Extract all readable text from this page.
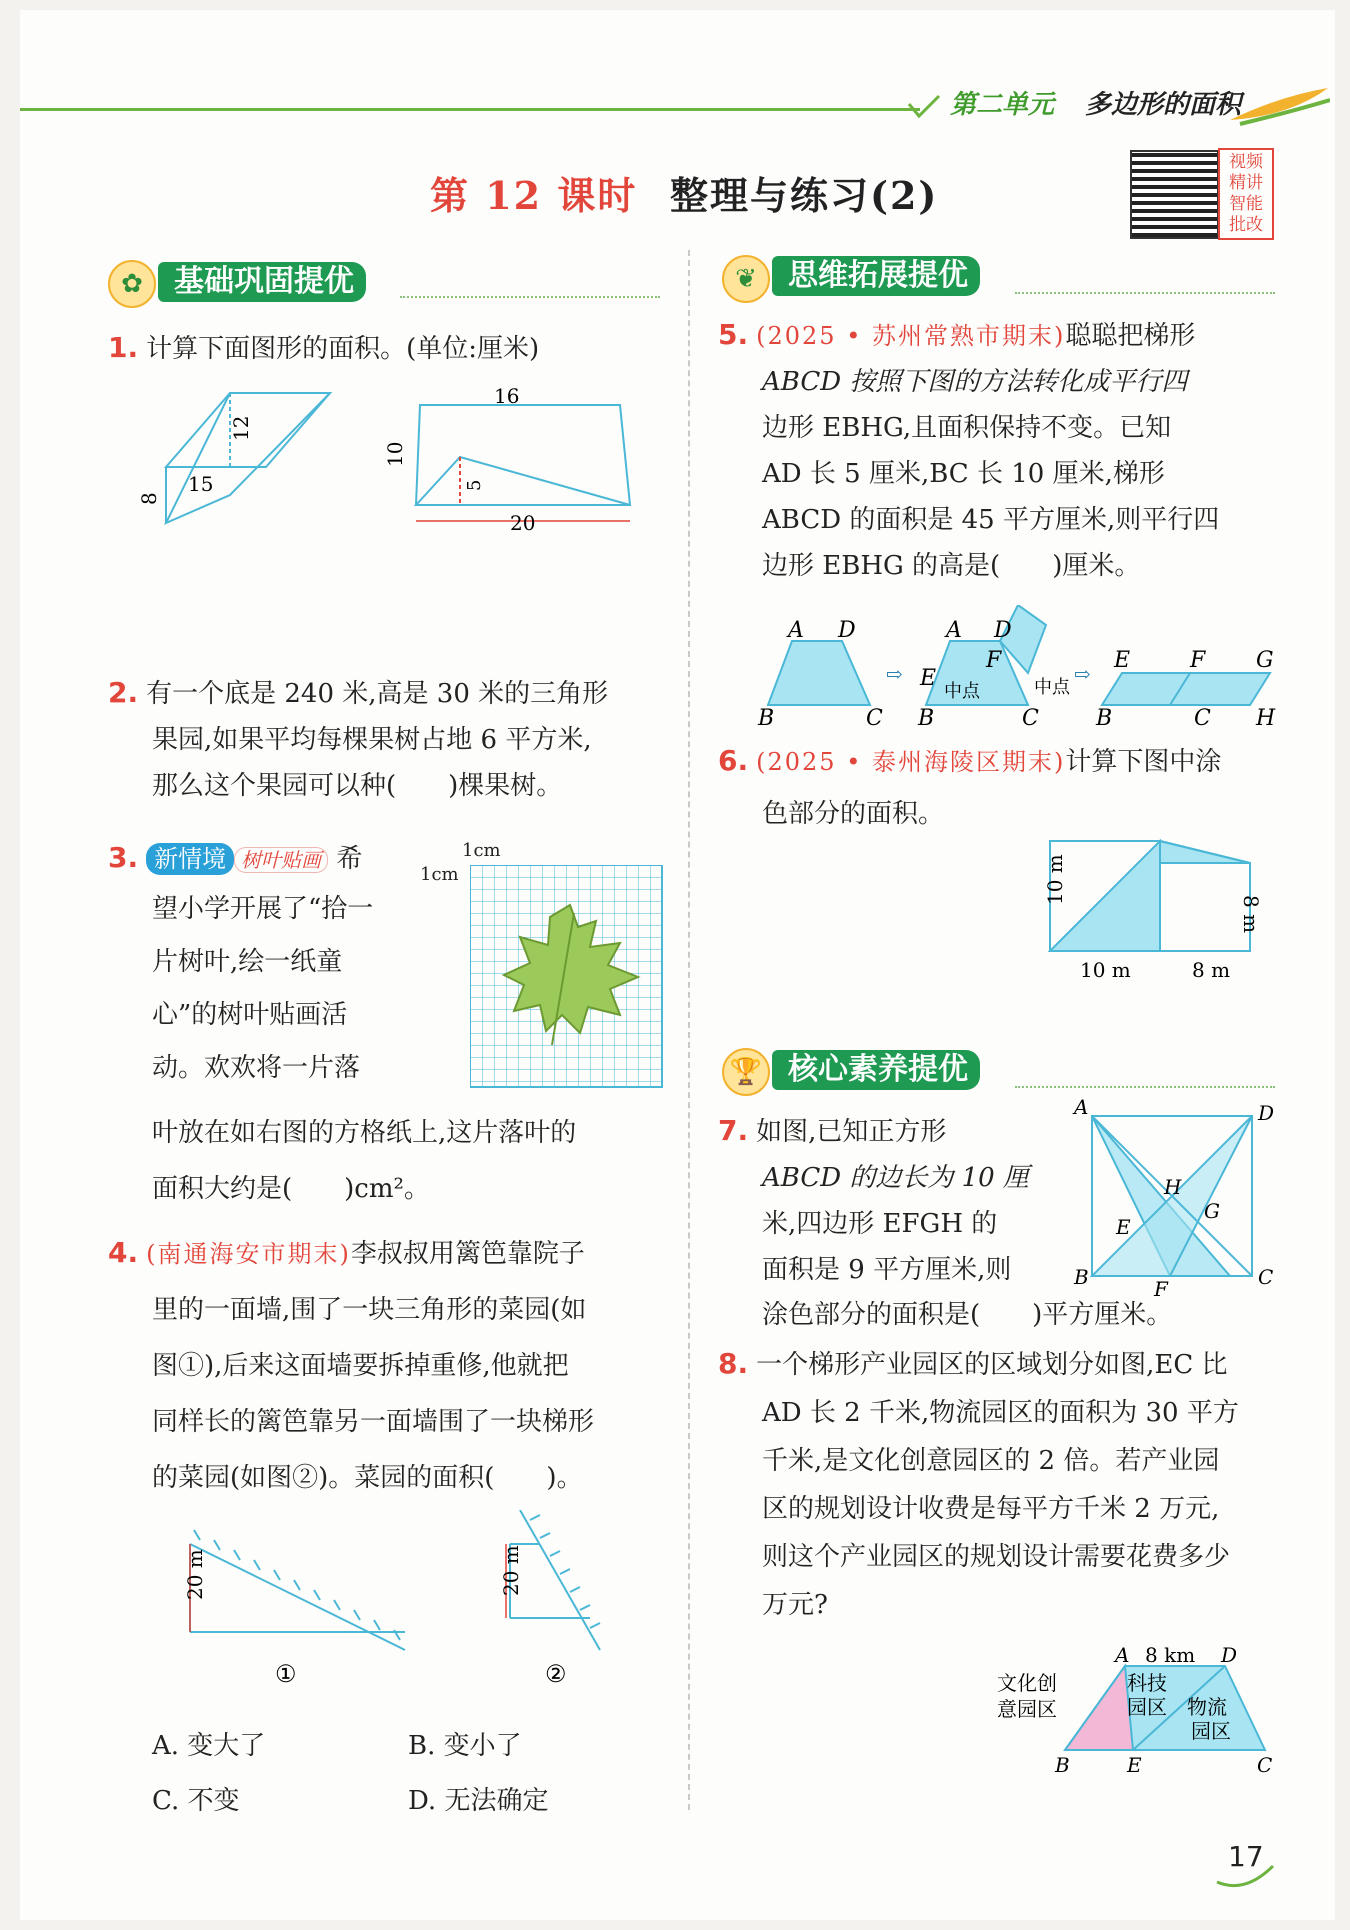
第二单元 多边形的面积
第 12 课时 整理与练习(2)
视频精讲 智能批改
✿	基础巩固提优
1. 计算下面图形的面积。(单位:厘米)
12
15
8
16
10
5
20
2. 有一个底是 240 米,高是 30 米的三角形
果园,如果平均每棵果树占地 6 平方米,
那么这个果园可以种(　　)棵果树。
3. 新情境 树叶贴画 希
望小学开展了“拾一
片树叶,绘一纸童
心”的树叶贴画活
动。欢欢将一片落
叶放在如右图的方格纸上,这片落叶的
面积大约是(　　)cm²。
1cm
1cm
4. (南通海安市期末)李叔叔用篱笆靠院子
里的一面墙,围了一块三角形的菜园(如
图①),后来这面墙要拆掉重修,他就把
同样长的篱笆靠另一面墙围了一块梯形
的菜园(如图②)。菜园的面积(　　)。
20 m	20 m
①	②
A. 变大了	B. 变小了
C. 不变	D. 无法确定
❦	思维拓展提优
5. (2025 • 苏州常熟市期末)聪聪把梯形
ABCD 按照下图的方法转化成平行四
边形 EBHG,且面积保持不变。已知
AD 长 5 厘米,BC 长 10 厘米,梯形
ABCD 的面积是 45 平方厘米,则平行四
边形 EBHG 的高是(　　)厘米。
A D
B	C
⇨
A D
E
F
B	C
中点	中点
⇨
E	F G
B	C H
6. (2025 • 泰州海陵区期末)计算下图中涂
色部分的面积。
10 m
10 m	8 m
8 m
🏆 核心素养提优
7. 如图,已知正方形
ABCD 的边长为 10 厘
米,四边形 EFGH 的
面积是 9 平方厘米,则
涂色部分的面积是(　　)平方厘米。
A	D
B	C
E
F
G
H
8. 一个梯形产业园区的区域划分如图,EC 比
AD 长 2 千米,物流园区的面积为 30 平方
千米,是文化创意园区的 2 倍。若产业园
区的规划设计收费是每平方千米 2 万元,
则这个产业园区的规划设计需要花费多少
万元?
8 km
文化创
意园区
科技
园区 物流
园区
A	D
B	E	C
17
